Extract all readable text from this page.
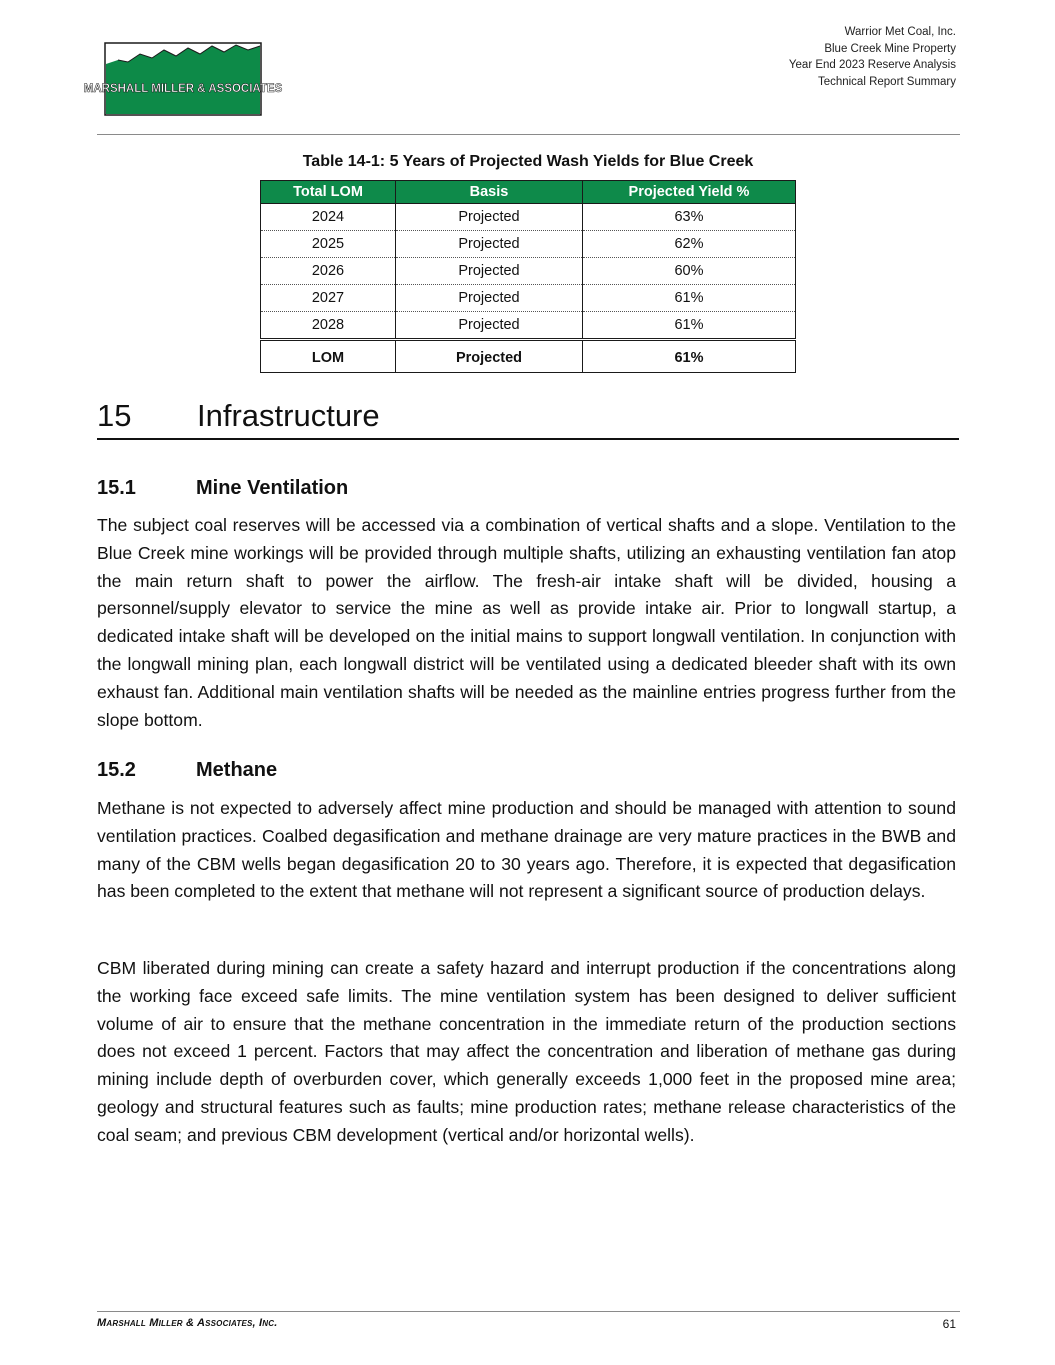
MARSHALL MILLER & ASSOCIATES
Warrior Met Coal, Inc.
Blue Creek Mine Property
Year End 2023 Reserve Analysis
Technical Report Summary
Table 14-1: 5 Years of Projected Wash Yields for Blue Creek
Total LOM	Basis	Projected Yield %
2024	Projected	63%
2025	Projected	62%
2026	Projected	60%
2027	Projected	61%
2028	Projected	61%
LOM	Projected	61%
15 Infrastructure
15.1	Mine Ventilation

The subject coal reserves will be accessed via a combination of vertical shafts and a slope. Ventilation to the Blue Creek mine workings will be provided through multiple shafts, utilizing an exhausting ventilation fan atop the main return shaft to power the airflow. The fresh-air intake shaft will be divided, housing a personnel/supply elevator to service the mine as well as provide intake air. Prior to longwall startup, a dedicated intake shaft will be developed on the initial mains to support longwall ventilation. In conjunction with the longwall mining plan, each longwall district will be ventilated using a dedicated bleeder shaft with its own exhaust fan. Additional main ventilation shafts will be needed as the mainline entries progress further from the slope bottom.

15.2	Methane

Methane is not expected to adversely affect mine production and should be managed with attention to sound ventilation practices. Coalbed degasification and methane drainage are very mature practices in the BWB and many of the CBM wells began degasification 20 to 30 years ago. Therefore, it is expected that degasification has been completed to the extent that methane will not represent a significant source of production delays.

CBM liberated during mining can create a safety hazard and interrupt production if the concentrations along the working face exceed safe limits. The mine ventilation system has been designed to deliver sufficient volume of air to ensure that the methane concentration in the immediate return of the production sections does not exceed 1 percent. Factors that may affect the concentration and liberation of methane gas during mining include depth of overburden cover, which generally exceeds 1,000 feet in the proposed mine area; geology and structural features such as faults; mine production rates; methane release characteristics of the coal seam; and previous CBM development (vertical and/or horizontal wells).

Marshall Miller & Associates, Inc.	61
